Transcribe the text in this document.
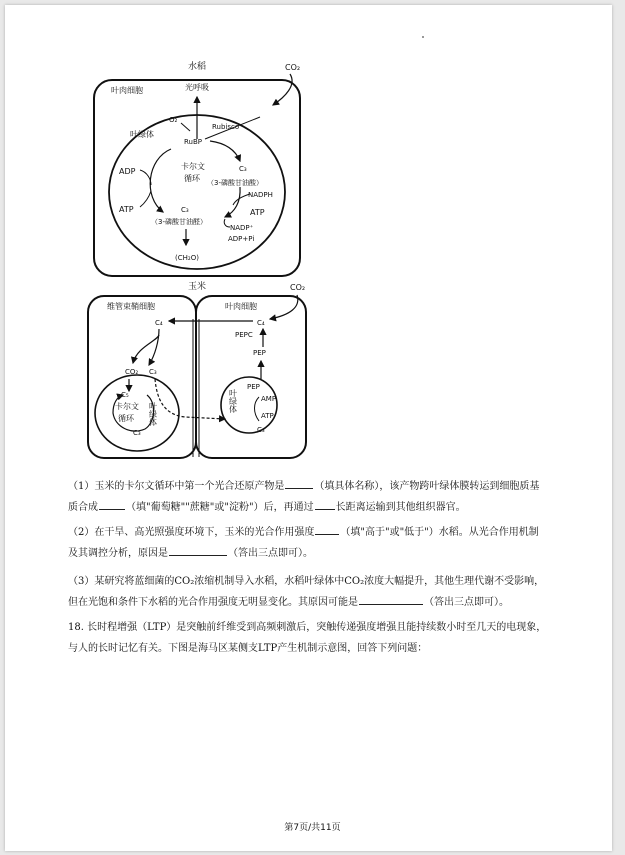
水稻	CO₂
叶肉细胞	光呼吸
O₂
Rubisco
叶绿体
RuBP
卡尔文
循环
C₃
（3-磷酸甘油酸）
ADP
NADPH
ATP	ATP
C₃
（3-磷酸甘油醛）
NADP⁺
ADP+Pi
(CH₂O)
玉米	CO₂
维管束鞘细胞	叶肉细胞
C₄	C₄
PEPC
PEP
CO₂ C₃
C₅
卡尔文
循环
C₃
叶绿体
PEP
AMP
ATP
叶绿体
C₃
（1）玉米的卡尔文循环中第一个光合还原产物是	（填具体名称），该产物跨叶绿体膜转运到细胞质基
质合成	（填"葡萄糖""蔗糖"或"淀粉"）后，再通过 长距离运输到其他组织器官。
（2）在干旱、高光照强度环境下，玉米的光合作用强度	（填"高于"或"低于"）水稻。从光合作用机制
及其调控分析，原因是	（答出三点即可）。
（3）某研究将蓝细菌的CO₂浓缩机制导入水稻，水稻叶绿体中CO₂浓度大幅提升，其他生理代谢不受影响，
但在光饱和条件下水稻的光合作用强度无明显变化。其原因可能是	（答出三点即可）。
18. 长时程增强（LTP）是突触前纤维受到高频刺激后，突触传递强度增强且能持续数小时至几天的电现象，
与人的长时记忆有关。下图是海马区某侧支LTP产生机制示意图，回答下列问题：
第7页/共11页
